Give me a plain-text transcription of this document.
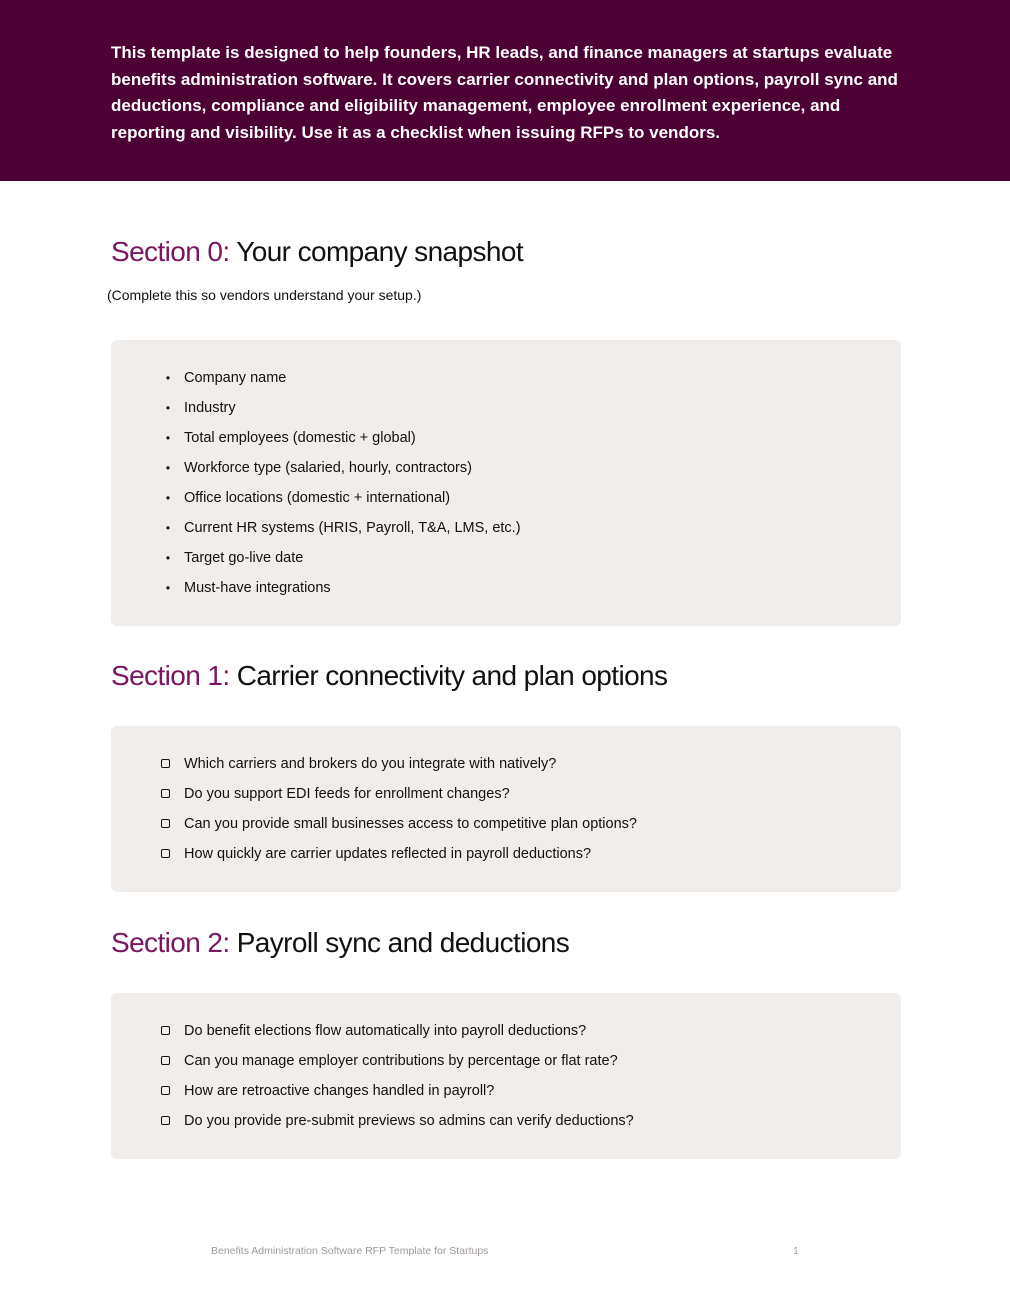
This template is designed to help founders, HR leads, and finance managers at startups evaluate benefits administration software. It covers carrier connectivity and plan options, payroll sync and deductions, compliance and eligibility management, employee enrollment experience, and reporting and visibility. Use it as a checklist when issuing RFPs to vendors.

Section 0: Your company snapshot

(Complete this so vendors understand your setup.)

• Company name
• Industry
• Total employees (domestic + global)
• Workforce type (salaried, hourly, contractors)
• Office locations (domestic + international)
• Current HR systems (HRIS, Payroll, T&A, LMS, etc.)
• Target go-live date
• Must-have integrations
Section 1: Carrier connectivity and plan options
Which carriers and brokers do you integrate with natively?
Do you support EDI feeds for enrollment changes?
Can you provide small businesses access to competitive plan options?
How quickly are carrier updates reflected in payroll deductions?
Section 2: Payroll sync and deductions
Do benefit elections flow automatically into payroll deductions?
Can you manage employer contributions by percentage or flat rate?
How are retroactive changes handled in payroll?
Do you provide pre-submit previews so admins can verify deductions?

Benefits Administration Software RFP Template for Startups	1
